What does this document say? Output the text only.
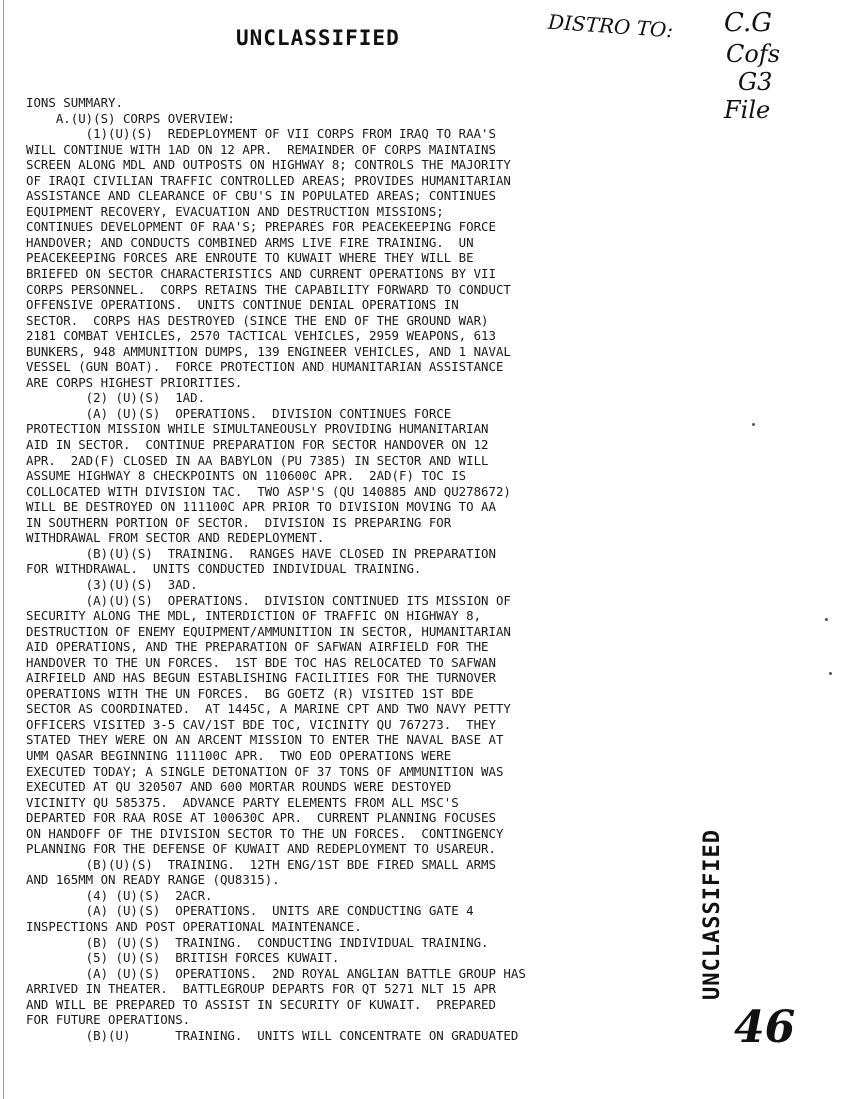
UNCLASSIFIED	DISTRO TO: C.G
Cofs
G3
File
IONS SUMMARY.
A.(U)(S) CORPS OVERVIEW:
(1)(U)(S)  REDEPLOYMENT OF VII CORPS FROM IRAQ TO RAA'S
WILL CONTINUE WITH 1AD ON 12 APR.  REMAINDER OF CORPS MAINTAINS
SCREEN ALONG MDL AND OUTPOSTS ON HIGHWAY 8; CONTROLS THE MAJORITY
OF IRAQI CIVILIAN TRAFFIC CONTROLLED AREAS; PROVIDES HUMANITARIAN
ASSISTANCE AND CLEARANCE OF CBU'S IN POPULATED AREAS; CONTINUES
EQUIPMENT RECOVERY, EVACUATION AND DESTRUCTION MISSIONS;
CONTINUES DEVELOPMENT OF RAA'S; PREPARES FOR PEACEKEEPING FORCE
HANDOVER; AND CONDUCTS COMBINED ARMS LIVE FIRE TRAINING.  UN
PEACEKEEPING FORCES ARE ENROUTE TO KUWAIT WHERE THEY WILL BE
BRIEFED ON SECTOR CHARACTERISTICS AND CURRENT OPERATIONS BY VII
CORPS PERSONNEL.  CORPS RETAINS THE CAPABILITY FORWARD TO CONDUCT
OFFENSIVE OPERATIONS.  UNITS CONTINUE DENIAL OPERATIONS IN
SECTOR.  CORPS HAS DESTROYED (SINCE THE END OF THE GROUND WAR)
2181 COMBAT VEHICLES, 2570 TACTICAL VEHICLES, 2959 WEAPONS, 613
BUNKERS, 948 AMMUNITION DUMPS, 139 ENGINEER VEHICLES, AND 1 NAVAL
VESSEL (GUN BOAT).  FORCE PROTECTION AND HUMANITARIAN ASSISTANCE
ARE CORPS HIGHEST PRIORITIES.
(2) (U)(S)  1AD.
(A) (U)(S)  OPERATIONS.  DIVISION CONTINUES FORCE
PROTECTION MISSION WHILE SIMULTANEOUSLY PROVIDING HUMANITARIAN
AID IN SECTOR.  CONTINUE PREPARATION FOR SECTOR HANDOVER ON 12
APR.  2AD(F) CLOSED IN AA BABYLON (PU 7385) IN SECTOR AND WILL
ASSUME HIGHWAY 8 CHECKPOINTS ON 110600C APR.  2AD(F) TOC IS
COLLOCATED WITH DIVISION TAC.  TWO ASP'S (QU 140885 AND QU278672)
WILL BE DESTROYED ON 111100C APR PRIOR TO DIVISION MOVING TO AA
IN SOUTHERN PORTION OF SECTOR.  DIVISION IS PREPARING FOR
WITHDRAWAL FROM SECTOR AND REDEPLOYMENT.
(B)(U)(S)  TRAINING.  RANGES HAVE CLOSED IN PREPARATION
FOR WITHDRAWAL.  UNITS CONDUCTED INDIVIDUAL TRAINING.
(3)(U)(S)  3AD.
(A)(U)(S)  OPERATIONS.  DIVISION CONTINUED ITS MISSION OF
SECURITY ALONG THE MDL, INTERDICTION OF TRAFFIC ON HIGHWAY 8,
DESTRUCTION OF ENEMY EQUIPMENT/AMMUNITION IN SECTOR, HUMANITARIAN
AID OPERATIONS, AND THE PREPARATION OF SAFWAN AIRFIELD FOR THE
HANDOVER TO THE UN FORCES.  1ST BDE TOC HAS RELOCATED TO SAFWAN
AIRFIELD AND HAS BEGUN ESTABLISHING FACILITIES FOR THE TURNOVER
OPERATIONS WITH THE UN FORCES.  BG GOETZ (R) VISITED 1ST BDE
SECTOR AS COORDINATED.  AT 1445C, A MARINE CPT AND TWO NAVY PETTY
OFFICERS VISITED 3-5 CAV/1ST BDE TOC, VICINITY QU 767273.  THEY
STATED THEY WERE ON AN ARCENT MISSION TO ENTER THE NAVAL BASE AT
UMM QASAR BEGINNING 111100C APR.  TWO EOD OPERATIONS WERE
EXECUTED TODAY; A SINGLE DETONATION OF 37 TONS OF AMMUNITION WAS
EXECUTED AT QU 320507 AND 600 MORTAR ROUNDS WERE DESTOYED
VICINITY QU 585375.  ADVANCE PARTY ELEMENTS FROM ALL MSC'S
DEPARTED FOR RAA ROSE AT 100630C APR.  CURRENT PLANNING FOCUSES
ON HANDOFF OF THE DIVISION SECTOR TO THE UN FORCES.  CONTINGENCY
PLANNING FOR THE DEFENSE OF KUWAIT AND REDEPLOYMENT TO USAREUR.
(B)(U)(S)  TRAINING.  12TH ENG/1ST BDE FIRED SMALL ARMS
AND 165MM ON READY RANGE (QU8315).
(4) (U)(S)  2ACR.
(A) (U)(S)  OPERATIONS.  UNITS ARE CONDUCTING GATE 4
INSPECTIONS AND POST OPERATIONAL MAINTENANCE.
(B) (U)(S)  TRAINING.  CONDUCTING INDIVIDUAL TRAINING.
(5) (U)(S)  BRITISH FORCES KUWAIT.
(A) (U)(S)  OPERATIONS.  2ND ROYAL ANGLIAN BATTLE GROUP HAS
ARRIVED IN THEATER.  BATTLEGROUP DEPARTS FOR QT 5271 NLT 15 APR
AND WILL BE PREPARED TO ASSIST IN SECURITY OF KUWAIT.  PREPARED
FOR FUTURE OPERATIONS.
(B)(U)      TRAINING.  UNITS WILL CONCENTRATE ON GRADUATED
UNCLASSIFIED
46
